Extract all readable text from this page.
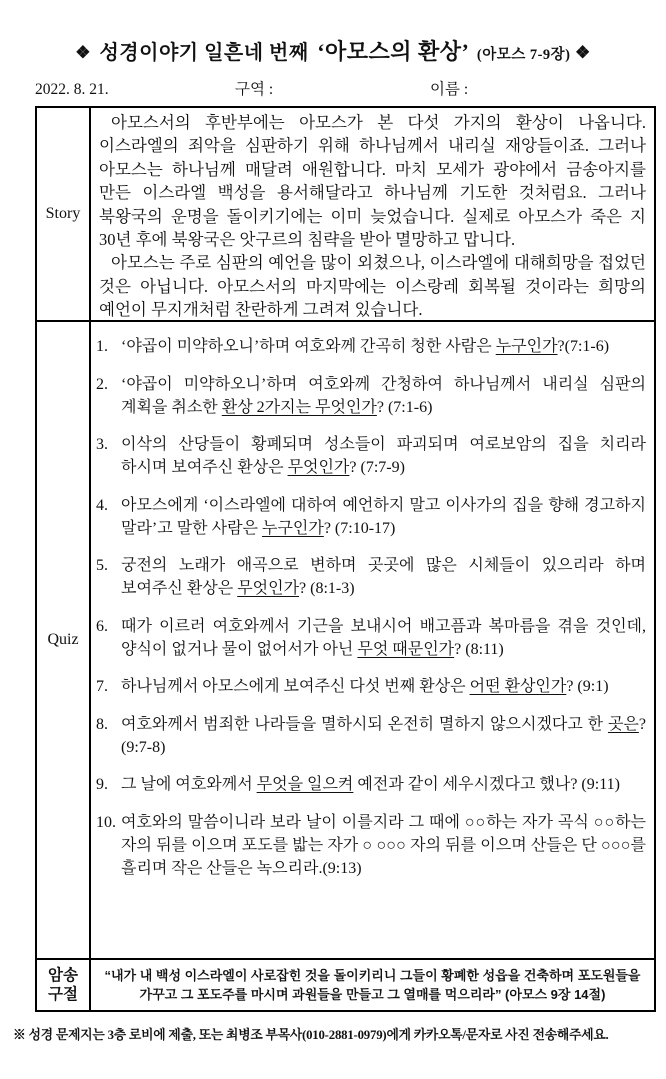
❖ 성경이야기 일흔네 번째 ‘아모스의 환상’ (아모스 7-9장) ❖
2022. 8. 21.	구역 :	이름 :
Story

아모스서의 후반부에는 아모스가 본 다섯 가지의 환상이 나옵니다. 이스라엘의 죄악을 심판하기 위해 하나님께서 내리실 재앙들이죠. 그러나 아모스는 하나님께 매달려 애원합니다. 마치 모세가 광야에서 금송아지를 만든 이스라엘 백성을 용서해달라고 하나님께 기도한 것처럼요. 그러나 북왕국의 운명을 돌이키기에는 이미 늦었습니다. 실제로 아모스가 죽은 지 30년 후에 북왕국은 앗구르의 침략을 받아 멸망하고 맙니다.

아모스는 주로 심판의 예언을 많이 외쳤으나, 이스라엘에 대해희망을 접었던 것은 아닙니다. 아모스서의 마지막에는 이스랑레 회복될 것이라는 희망의 예언이 무지개처럼 찬란하게 그려져 있습니다.

Quiz
1. ‘야곱이 미약하오니’하며 여호와께 간곡히 청한 사람은 누구인가?(7:1-6)
2. ‘야곱이 미약하오니’하며 여호와께 간청하여 하나님께서 내리실 심판의 계획을 취소한 환상 2가지는 무엇인가? (7:1-6)
3. 이삭의 산당들이 황폐되며 성소들이 파괴되며 여로보암의 집을 치리라 하시며 보여주신 환상은 무엇인가? (7:7-9)
4. 아모스에게 ‘이스라엘에 대하여 예언하지 말고 이사가의 집을 향해 경고하지 말라’고 말한 사람은 누구인가? (7:10-17)
5. 궁전의 노래가 애곡으로 변하며 곳곳에 많은 시체들이 있으리라 하며 보여주신 환상은 무엇인가? (8:1-3)
6. 때가 이르러 여호와께서 기근을 보내시어 배고픔과 복마름을 겪을 것인데, 양식이 없거나 물이 없어서가 아닌 무엇 때문인가? (8:11)
7. 하나님께서 아모스에게 보여주신 다섯 번째 환상은 어떤 환상인가? (9:1)
8. 여호와께서 범죄한 나라들을 멸하시되 온전히 멸하지 않으시겠다고 한 곳은? (9:7-8)
9. 그 날에 여호와께서 무엇을 일으켜 예전과 같이 세우시겠다고 했나? (9:11)
10. 여호와의 말씀이니라 보라 날이 이를지라 그 때에 ○○하는 자가 곡식 ○○하는 자의 뒤를 이으며 포도를 밟는 자가 ○ ○○○ 자의 뒤를 이으며 산들은 단 ○○○를 흘리며 작은 산들은 녹으리라.(9:13)
암송
구절
“내가 내 백성 이스라엘이 사로잡힌 것을 돌이키리니 그들이 황폐한 성읍을 건축하며 포도원들을 가꾸고 그 포도주를 마시며 과원들을 만들고 그 열매를 먹으리라” (아모스 9장 14절)
※ 성경 문제지는 3층 로비에 제출, 또는 최병조 부목사(010-2881-0979)에게 카카오톡/문자로 사진 전송해주세요.
